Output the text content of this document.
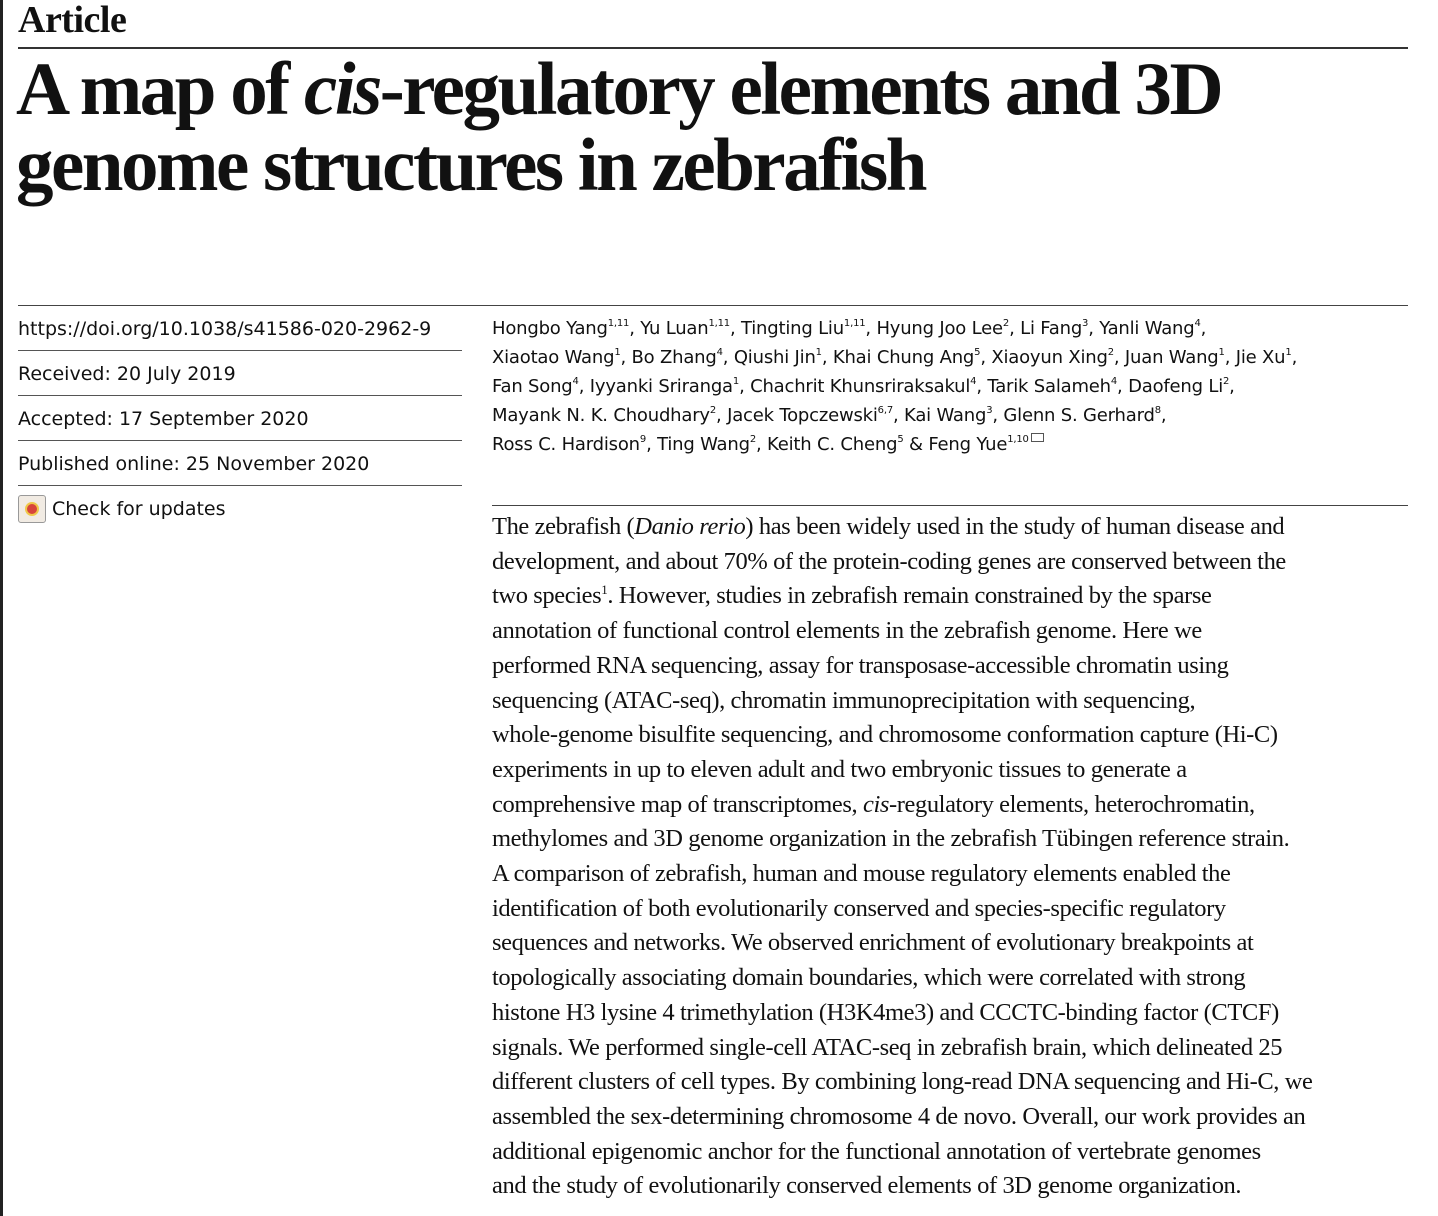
Article
A map of cis-regulatory elements and 3D
genome structures in zebrafish
https://doi.org/10.1038/s41586-020-2962-9
Received: 20 July 2019
Accepted: 17 September 2020
Published online: 25 November 2020
Check for updates
Hongbo Yang$^{1,11}$, Yu Luan$^{1,11}$, Tingting Liu$^{1,11}$, Hyung Joo Lee$^2$, Li Fang$^3$, Yanli Wang$^4$,
Xiaotao Wang$^1$, Bo Zhang$^4$, Qiushi Jin$^1$, Khai Chung Ang$^5$, Xiaoyun Xing$^2$, Juan Wang$^1$, Jie Xu$^1$,
Fan Song$^4$, Iyyanki Sriranga$^1$, Chachrit Khunsriraksakul$^4$, Tarik Salameh$^4$, Daofeng Li$^2$,
Mayank N. K. Choudhary$^2$, Jacek Topczewski$^{6,7}$, Kai Wang$^3$, Glenn S. Gerhard$^8$,
Ross C. Hardison$^9$, Ting Wang$^2$, Keith C. Cheng$^5$ & Feng Yue$^{1,10}$

The zebrafish (Danio rerio) has been widely used in the study of human disease and
development, and about 70% of the protein-coding genes are conserved between the
two species$^1$. However, studies in zebrafish remain constrained by the sparse
annotation of functional control elements in the zebrafish genome. Here we
performed RNA sequencing, assay for transposase-accessible chromatin using
sequencing (ATAC-seq), chromatin immunoprecipitation with sequencing,
whole-genome bisulfite sequencing, and chromosome conformation capture (Hi-C)
experiments in up to eleven adult and two embryonic tissues to generate a
comprehensive map of transcriptomes, cis-regulatory elements, heterochromatin,
methylomes and 3D genome organization in the zebrafish Tübingen reference strain.
A comparison of zebrafish, human and mouse regulatory elements enabled the
identification of both evolutionarily conserved and species-specific regulatory
sequences and networks. We observed enrichment of evolutionary breakpoints at
topologically associating domain boundaries, which were correlated with strong
histone H3 lysine 4 trimethylation (H3K4me3) and CCCTC-binding factor (CTCF)
signals. We performed single-cell ATAC-seq in zebrafish brain, which delineated 25
different clusters of cell types. By combining long-read DNA sequencing and Hi-C, we
assembled the sex-determining chromosome 4 de novo. Overall, our work provides an
additional epigenomic anchor for the functional annotation of vertebrate genomes
and the study of evolutionarily conserved elements of 3D genome organization.
